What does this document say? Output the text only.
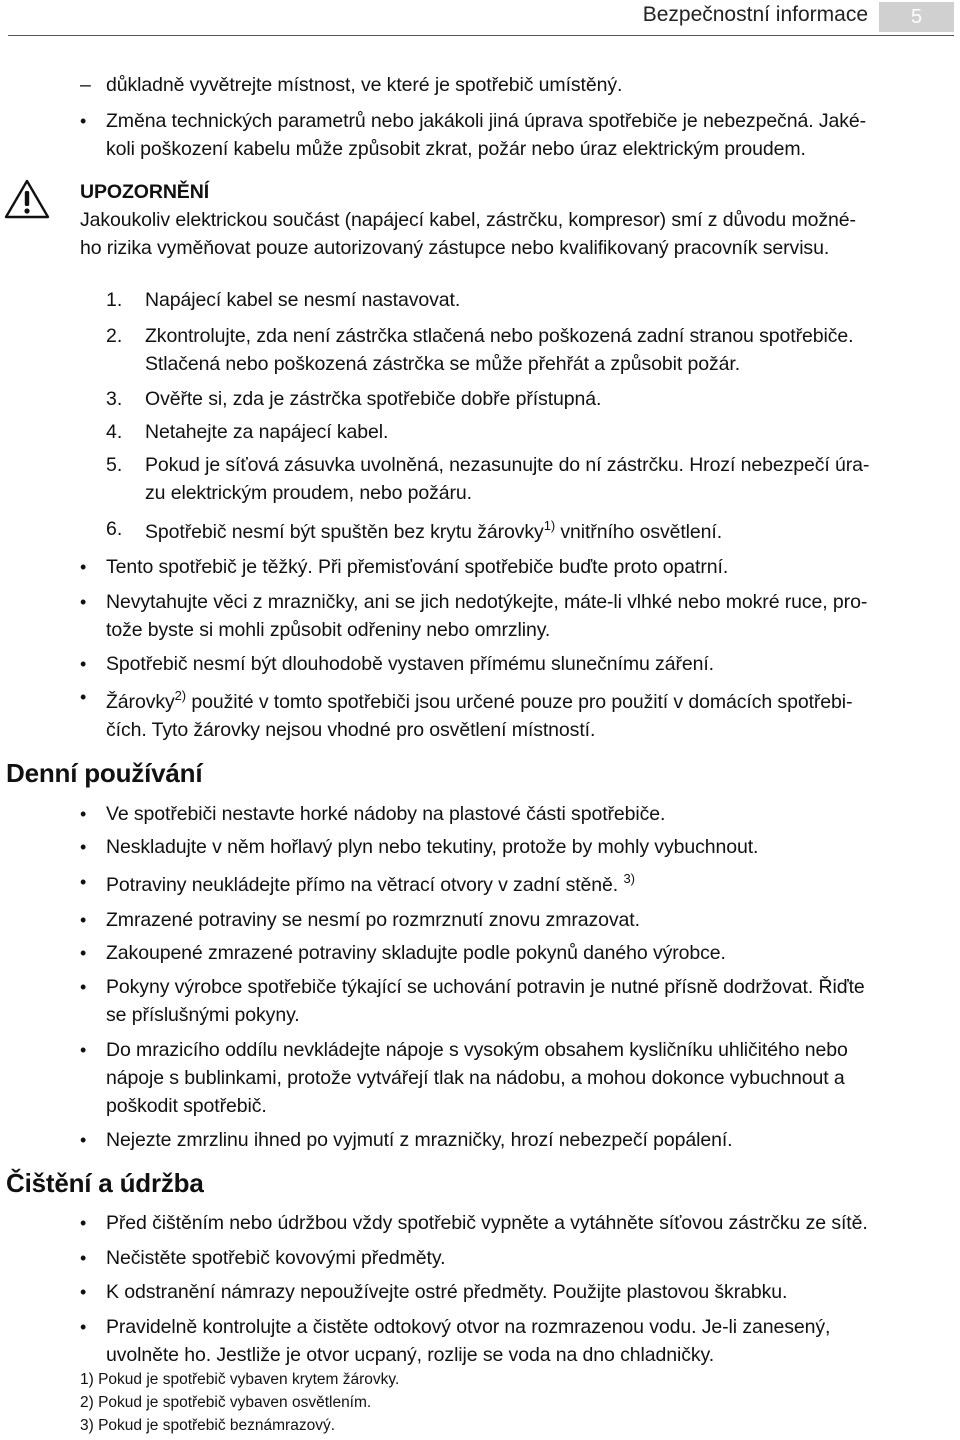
Bezpečnostní informace	5
– důkladně vyvětrejte místnost, ve které je spotřebič umístěný.
• Změna technických parametrů nebo jakákoli jiná úprava spotřebiče je nebezpečná. Jaké-
koli poškození kabelu může způsobit zkrat, požár nebo úraz elektrickým proudem.
UPOZORNĚNÍ
Jakoukoliv elektrickou součást (napájecí kabel, zástrčku, kompresor) smí z důvodu možné-
ho rizika vyměňovat pouze autorizovaný zástupce nebo kvalifikovaný pracovník servisu.
1. Napájecí kabel se nesmí nastavovat.
2. Zkontrolujte, zda není zástrčka stlačená nebo poškozená zadní stranou spotřebiče.
Stlačená nebo poškozená zástrčka se může přehřát a způsobit požár.
3. Ověřte si, zda je zástrčka spotřebiče dobře přístupná.
4. Netahejte za napájecí kabel.
5. Pokud je síťová zásuvka uvolněná, nezasunujte do ní zástrčku. Hrozí nebezpečí úra-
zu elektrickým proudem, nebo požáru.
6. Spotřebič nesmí být spuštěn bez krytu žárovky$^{1)}$ vnitřního osvětlení.
• Tento spotřebič je těžký. Při přemisťování spotřebiče buďte proto opatrní.
• Nevytahujte věci z mrazničky, ani se jich nedotýkejte, máte-li vlhké nebo mokré ruce, pro-
tože byste si mohli způsobit odřeniny nebo omrzliny.
• Spotřebič nesmí být dlouhodobě vystaven přímému slunečnímu záření.
• Žárovky$^{2)}$ použité v tomto spotřebiči jsou určené pouze pro použití v domácích spotřebi-
čích. Tyto žárovky nejsou vhodné pro osvětlení místností.
Denní používání
• Ve spotřebiči nestavte horké nádoby na plastové části spotřebiče.
• Neskladujte v něm hořlavý plyn nebo tekutiny, protože by mohly vybuchnout.
• Potraviny neukládejte přímo na větrací otvory v zadní stěně. $^{3)}$
• Zmrazené potraviny se nesmí po rozmrznutí znovu zmrazovat.
• Zakoupené zmrazené potraviny skladujte podle pokynů daného výrobce.
• Pokyny výrobce spotřebiče týkající se uchování potravin je nutné přísně dodržovat. Řiďte
se příslušnými pokyny.
• Do mrazicího oddílu nevkládejte nápoje s vysokým obsahem kysličníku uhličitého nebo
nápoje s bublinkami, protože vytvářejí tlak na nádobu, a mohou dokonce vybuchnout a
poškodit spotřebič.
• Nejezte zmrzlinu ihned po vyjmutí z mrazničky, hrozí nebezpečí popálení.
Čištění a údržba
• Před čištěním nebo údržbou vždy spotřebič vypněte a vytáhněte síťovou zástrčku ze sítě.
• Nečistěte spotřebič kovovými předměty.
• K odstranění námrazy nepoužívejte ostré předměty. Použijte plastovou škrabku.
• Pravidelně kontrolujte a čistěte odtokový otvor na rozmrazenou vodu. Je-li zanesený,
uvolněte ho. Jestliže je otvor ucpaný, rozlije se voda na dno chladničky.
1) Pokud je spotřebič vybaven krytem žárovky.
2) Pokud je spotřebič vybaven osvětlením.
3) Pokud je spotřebič beznámrazový.
